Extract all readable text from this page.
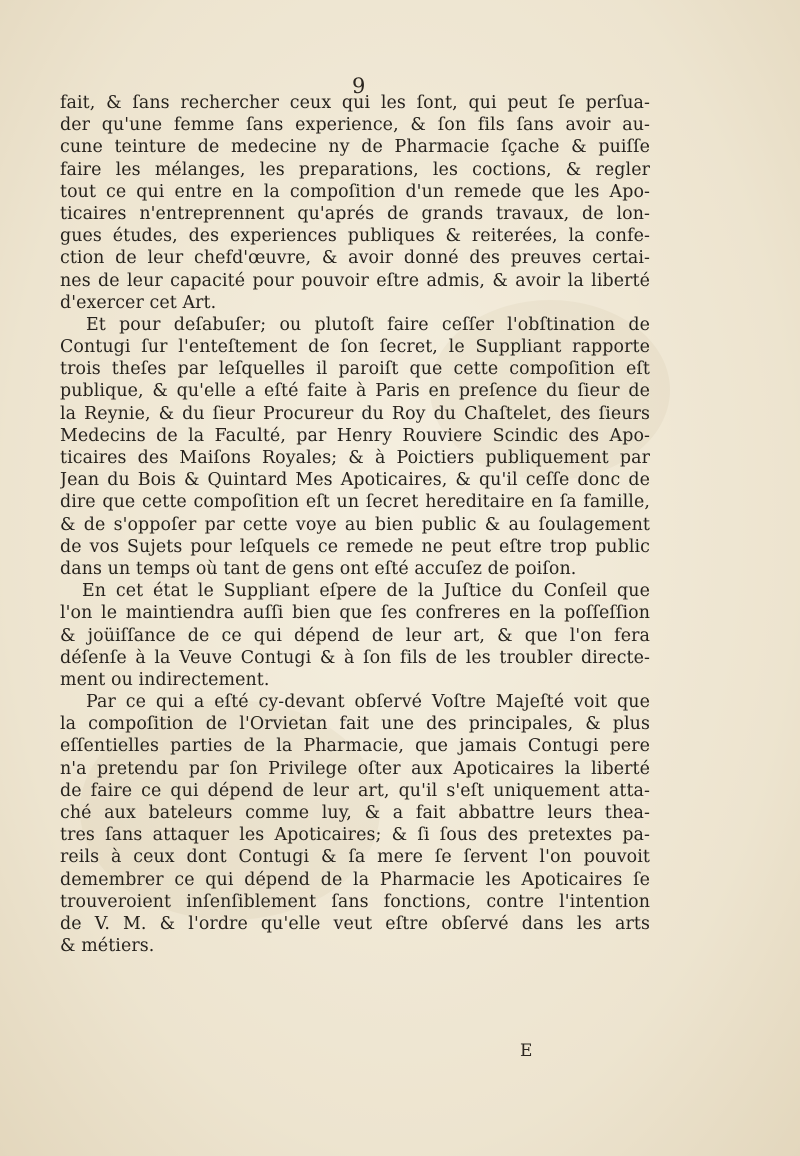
9
fait, & ſans rechercher ceux qui les ſont, qui peut ſe perſua-
der qu'une femme ſans experience, & ſon fils ſans avoir au-
cune teinture de medecine ny de Pharmacie ſçache & puiſſe
faire les mélanges, les preparations, les coctions, & regler
tout ce qui entre en la compoſition d'un remede que les Apo-
ticaires n'entreprennent qu'aprés de grands travaux, de lon-
gues études, des experiences publiques & reiterées, la confe-
ction de leur chefd'œuvre, & avoir donné des preuves certai-
nes de leur capacité pour pouvoir eſtre admis, & avoir la liberté
d'exercer cet Art.
Et pour deſabuſer; ou plutoſt faire ceſſer l'obſtination de
Contugi ſur l'enteſtement de ſon ſecret, le Suppliant rapporte
trois theſes par leſquelles il paroiſt que cette compoſition eſt
publique, & qu'elle a eſté faite à Paris en preſence du ſieur de
la Reynie, & du ſieur Procureur du Roy du Chaſtelet, des ſieurs
Medecins de la Faculté, par Henry Rouviere Scindic des Apo-
ticaires des Maiſons Royales; & à Poictiers publiquement par
Jean du Bois & Quintard Mes Apoticaires, & qu'il ceſſe donc de
dire que cette compoſition eſt un ſecret hereditaire en ſa famille,
& de s'oppoſer par cette voye au bien public & au ſoulagement
de vos Sujets pour leſquels ce remede ne peut eſtre trop public
dans un temps où tant de gens ont eſté accuſez de poiſon.
En cet état le Suppliant eſpere de la Juſtice du Conſeil que
l'on le maintiendra auſſi bien que ſes confreres en la poſſeſſion
& joüiſſance de ce qui dépend de leur art, & que l'on fera
déſenſe à la Veuve Contugi & à ſon fils de les troubler directe-
ment ou indirectement.
Par ce qui a eſté cy-devant obſervé Voſtre Majeſté voit que
la compoſition de l'Orvietan fait une des principales, & plus
eſſentielles parties de la Pharmacie, que jamais Contugi pere
n'a pretendu par ſon Privilege oſter aux Apoticaires la liberté
de faire ce qui dépend de leur art, qu'il s'eſt uniquement atta-
ché aux bateleurs comme luy, & a fait abbattre leurs thea-
tres ſans attaquer les Apoticaires; & ſi ſous des pretextes pa-
reils à ceux dont Contugi & ſa mere ſe ſervent l'on pouvoit
demembrer ce qui dépend de la Pharmacie les Apoticaires ſe
trouveroient inſenſiblement ſans fonctions, contre l'intention
de V. M. & l'ordre qu'elle veut eſtre obſervé dans les arts
& métiers.
E
